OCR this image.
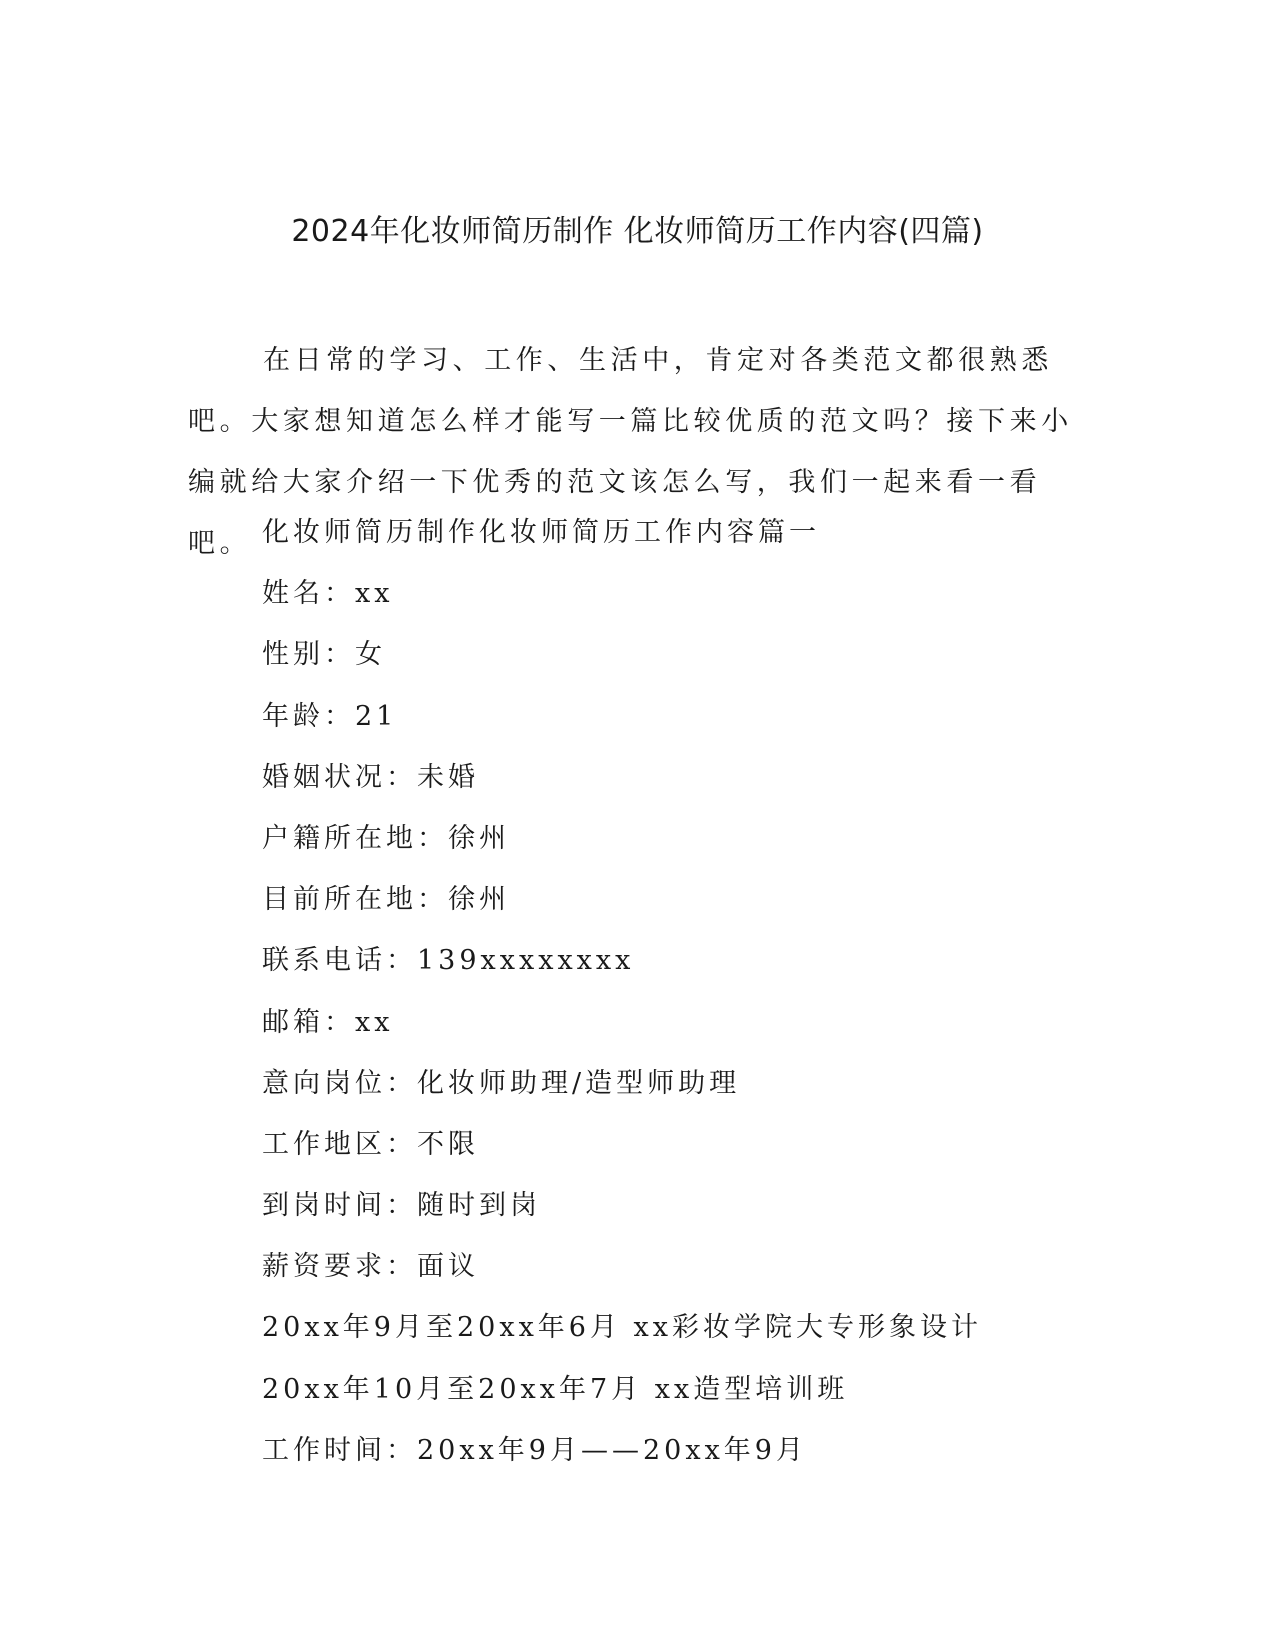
2024年化妆师简历制作 化妆师简历工作内容(四篇)

在日常的学习、工作、生活中，肯定对各类范文都很熟悉吧。大家想知道怎么样才能写一篇比较优质的范文吗？接下来小编就给大家介绍一下优秀的范文该怎么写，我们一起来看一看吧。 化妆师简历制作化妆师简历工作内容篇一
姓名：xx
性别：女
年龄：21
婚姻状况：未婚
户籍所在地：徐州
目前所在地：徐州
联系电话：139xxxxxxxx
邮箱：xx
意向岗位：化妆师助理/造型师助理
工作地区：不限
到岗时间：随时到岗
薪资要求：面议
20xx年9月至20xx年6月 xx彩妆学院大专形象设计
20xx年10月至20xx年7月 xx造型培训班
工作时间：20xx年9月——20xx年9月
